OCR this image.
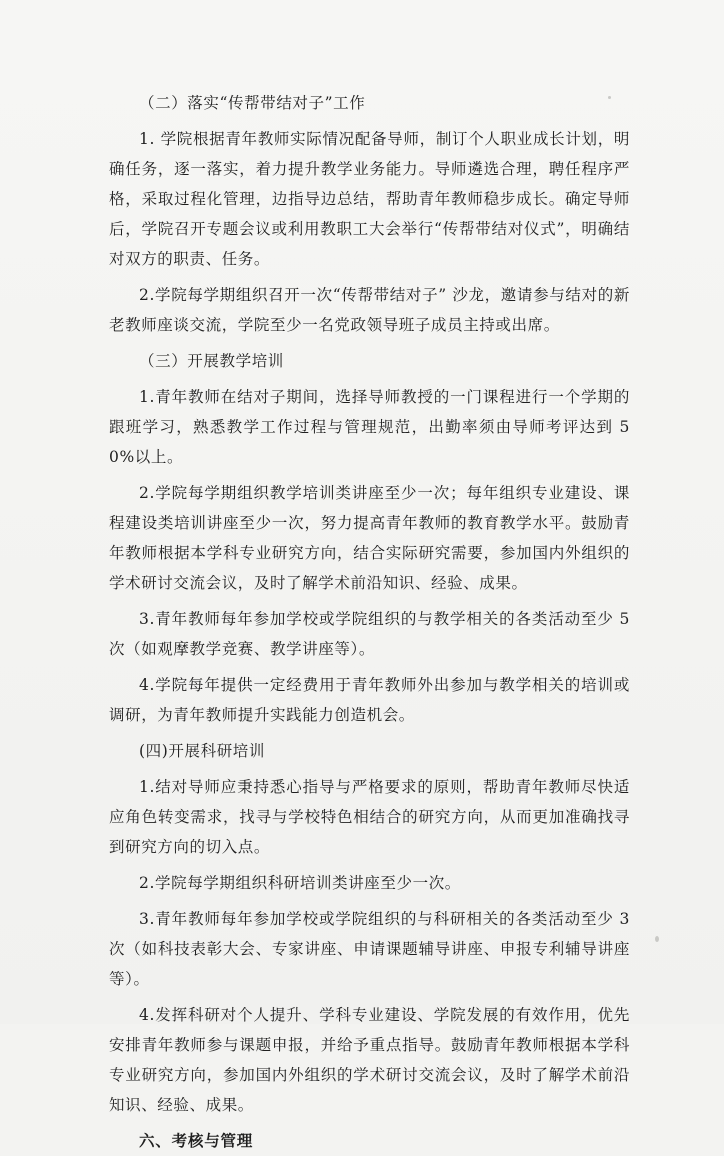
（二）落实“传帮带结对子”工作

1. 学院根据青年教师实际情况配备导师，制订个人职业成长计划，明确任务，逐一落实，着力提升教学业务能力。导师遴选合理，聘任程序严格，采取过程化管理，边指导边总结，帮助青年教师稳步成长。确定导师后，学院召开专题会议或利用教职工大会举行“传帮带结对仪式”，明确结对双方的职责、任务。

2.学院每学期组织召开一次“传帮带结对子” 沙龙，邀请参与结对的新老教师座谈交流，学院至少一名党政领导班子成员主持或出席。

（三）开展教学培训

1.青年教师在结对子期间，选择导师教授的一门课程进行一个学期的跟班学习，熟悉教学工作过程与管理规范，出勤率须由导师考评达到 50%以上。

2.学院每学期组织教学培训类讲座至少一次；每年组织专业建设、课程建设类培训讲座至少一次，努力提高青年教师的教育教学水平。鼓励青年教师根据本学科专业研究方向，结合实际研究需要，参加国内外组织的学术研讨交流会议，及时了解学术前沿知识、经验、成果。

3.青年教师每年参加学校或学院组织的与教学相关的各类活动至少 5 次（如观摩教学竞赛、教学讲座等）。

4.学院每年提供一定经费用于青年教师外出参加与教学相关的培训或调研，为青年教师提升实践能力创造机会。

(四)开展科研培训

1.结对导师应秉持悉心指导与严格要求的原则，帮助青年教师尽快适应角色转变需求，找寻与学校特色相结合的研究方向，从而更加准确找寻到研究方向的切入点。

2.学院每学期组织科研培训类讲座至少一次。

3.青年教师每年参加学校或学院组织的与科研相关的各类活动至少 3 次（如科技表彰大会、专家讲座、申请课题辅导讲座、申报专利辅导讲座等）。

4.发挥科研对个人提升、学科专业建设、学院发展的有效作用，优先安排青年教师参与课题申报，并给予重点指导。鼓励青年教师根据本学科专业研究方向，参加国内外组织的学术研讨交流会议，及时了解学术前沿知识、经验、成果。

六、考核与管理
